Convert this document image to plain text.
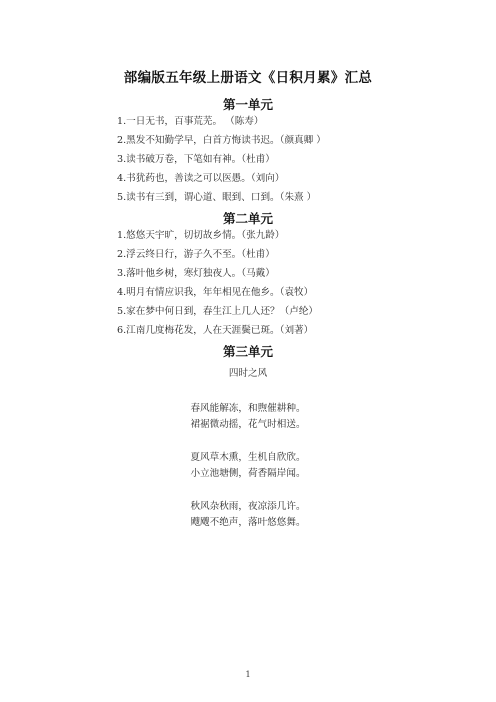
部编版五年级上册语文《日积月累》汇总
第一单元
1.一日无书，百事荒芜。 （陈寿）
2.黑发不知勤学早，白首方悔读书迟。（颜真卿 ）
3.读书破万卷，下笔如有神。（杜甫）
4.书犹药也，善读之可以医愚。（刘向）
5.读书有三到，谓心道、眼到、口到。（朱熹 ）
第二单元
1.悠悠天宇旷，切切故乡情。（张九龄）
2.浮云终日行，游子久不至。（杜甫）
3.落叶他乡树，寒灯独夜人。（马戴）
4.明月有情应识我，年年相见在他乡。（袁牧）
5.家在梦中何日到，春生江上几人还？（卢纶）
6.江南几度梅花发，人在天涯鬓已斑。（刘著）
第三单元
四时之风
春风能解冻，和煦催耕种。
裙裾微动摇，花气时相送。
夏风草木熏，生机自欣欣。
小立池塘侧，荷香隔岸闻。
秋风杂秋雨，夜凉添几许。
飕飕不绝声，落叶悠悠舞。
1
